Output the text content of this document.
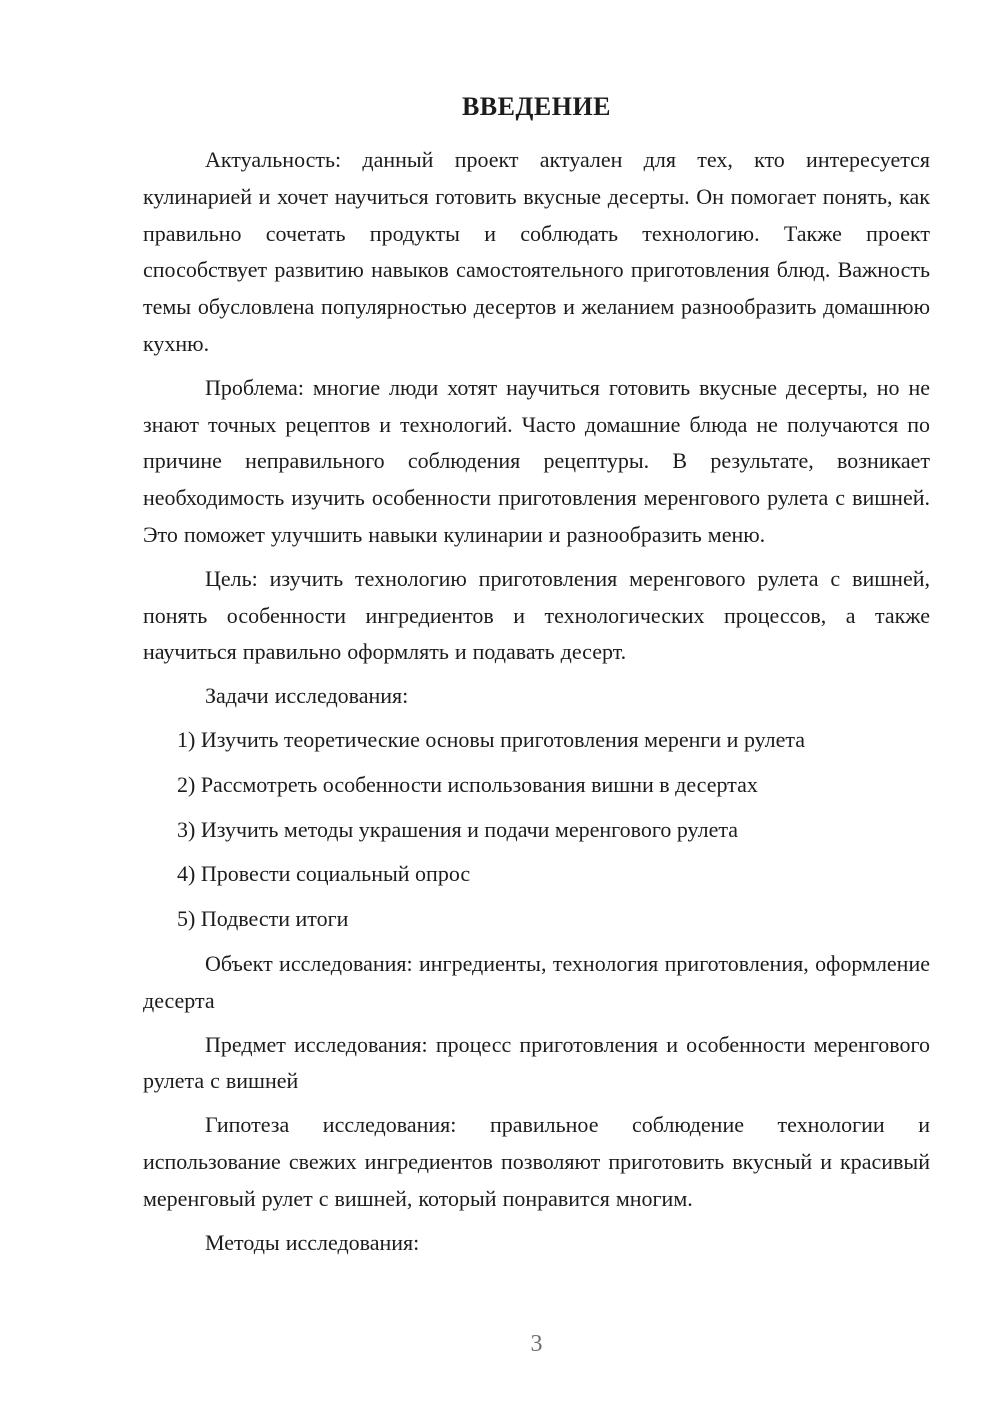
ВВЕДЕНИЕ

Актуальность: данный проект актуален для тех, кто интересуется кулинарией и хочет научиться готовить вкусные десерты. Он помогает понять, как правильно сочетать продукты и соблюдать технологию. Также проект способствует развитию навыков самостоятельного приготовления блюд. Важность темы обусловлена популярностью десертов и желанием разнообразить домашнюю кухню.

Проблема: многие люди хотят научиться готовить вкусные десерты, но не знают точных рецептов и технологий. Часто домашние блюда не получаются по причине неправильного соблюдения рецептуры. В результате, возникает необходимость изучить особенности приготовления меренгового рулета с вишней. Это поможет улучшить навыки кулинарии и разнообразить меню.

Цель: изучить технологию приготовления меренгового рулета с вишней, понять особенности ингредиентов и технологических процессов, а также научиться правильно оформлять и подавать десерт.

Задачи исследования:

1) Изучить теоретические основы приготовления меренги и рулета

2) Рассмотреть особенности использования вишни в десертах

3) Изучить методы украшения и подачи меренгового рулета

4) Провести социальный опрос

5) Подвести итоги

Объект исследования: ингредиенты, технология приготовления, оформление десерта

Предмет исследования: процесс приготовления и особенности меренгового рулета с вишней

Гипотеза исследования: правильное соблюдение технологии и использование свежих ингредиентов позволяют приготовить вкусный и красивый меренговый рулет с вишней, который понравится многим.

Методы исследования:

3
